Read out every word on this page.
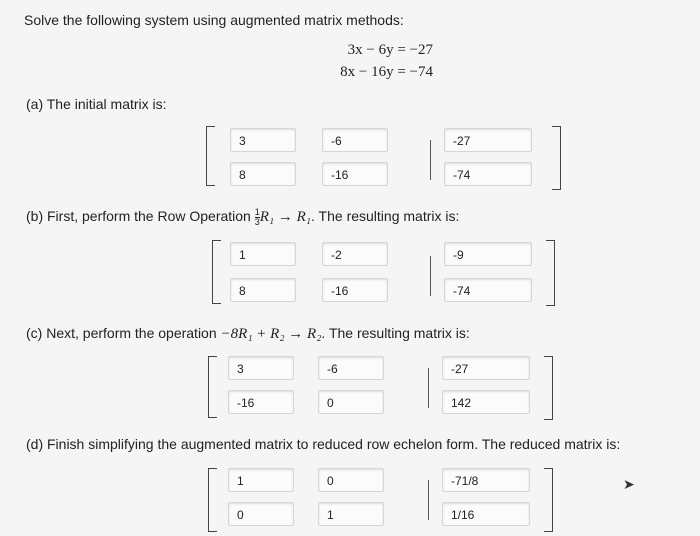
Solve the following system using augmented matrix methods:
3x − 6y = −27
8x − 16y = −74
(a) The initial matrix is:
3	-6	-27
8	-16	-74
(b) First, perform the Row Operation $\frac{1}{3} R_1 \to R_1$. The resulting matrix is:
1	-2	-9
8	-16	-74
(c) Next, perform the operation −8R₁ + R₂ → R₂. The resulting matrix is:
3	-6	-27
-16	0	142
(d) Finish simplifying the augmented matrix to reduced row echelon form. The reduced matrix is:
1	0	-71/8
0	1	1/16
➤
